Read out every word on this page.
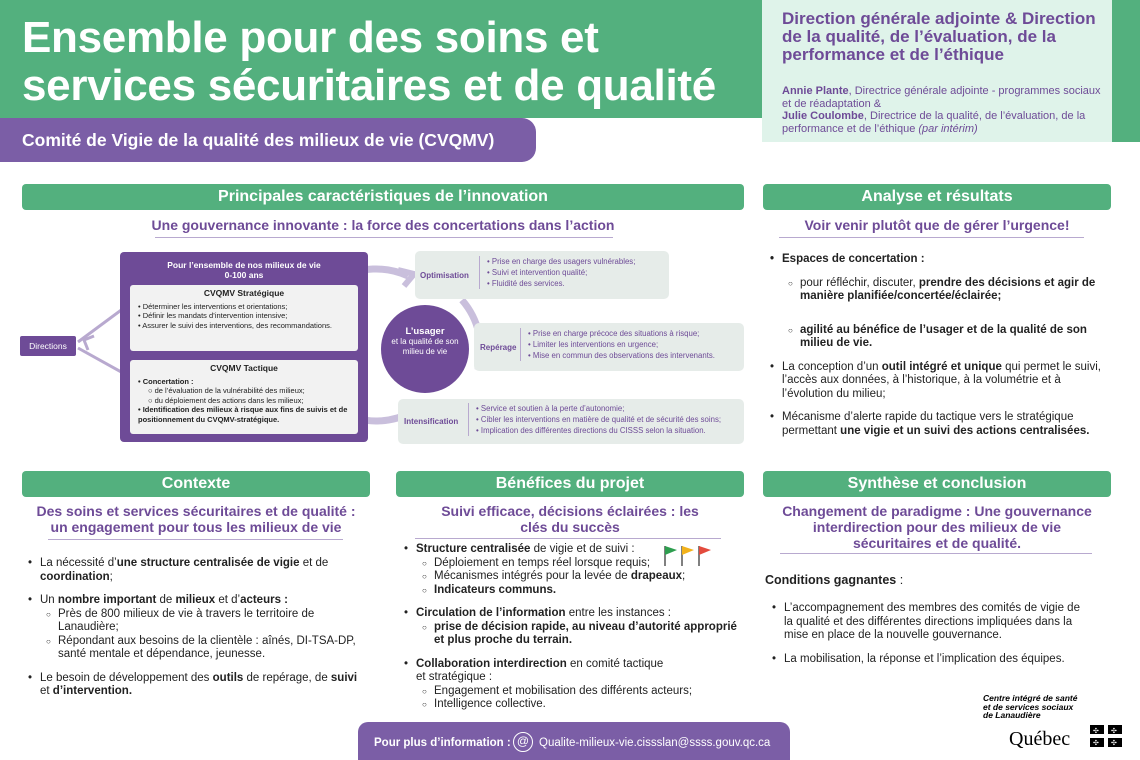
Ensemble pour des soins et services sécuritaires et de qualité
Direction générale adjointe & Direction de la qualité, de l’évaluation, de la performance et de l’éthique
Annie Plante, Directrice générale adjointe - programmes sociaux et de réadaptation &
Julie Coulombe, Directrice de la qualité, de l’évaluation, de la performance et de l’éthique (par intérim)
Comité de Vigie de la qualité des milieux de vie (CVQMV)
Principales caractéristiques de l’innovation
Une gouvernance innovante : la force des concertations dans l’action
Directions
Pour l’ensemble de nos milieux de vie
0-100 ans
CVQMV Stratégique
• Déterminer les interventions et orientations;
• Définir les mandats d’intervention intensive;
• Assurer le suivi des interventions, des recommandations.
CVQMV Tactique
• Concertation :
○ de l’évaluation de la vulnérabilité des milieux;
○ du déploiement des actions dans les milieux;
• Identification des milieux à risque aux fins de suivis et de positionnement du CVQMV-stratégique.
L’usager
et la qualité de son milieu de vie
Optimisation
• Prise en charge des usagers vulnérables;
• Suivi et intervention qualité;
• Fluidité des services.
Repérage
• Prise en charge précoce des situations à risque;
• Limiter les interventions en urgence;
• Mise en commun des observations des intervenants.
Intensification
• Service et soutien à la perte d’autonomie;
• Cibler les interventions en matière de qualité et de sécurité des soins;
• Implication des différentes directions du CISSS selon la situation.
Analyse et résultats
Voir venir plutôt que de gérer l’urgence!
• Espaces de concertation :
○ pour réfléchir, discuter, prendre des décisions et agir de manière planifiée/concertée/éclairée;
○ agilité au bénéfice de l’usager et de la qualité de son milieu de vie.
• La conception d’un outil intégré et unique qui permet le suivi, l’accès aux données, à l’historique, à la volumétrie et à l’évolution du milieu;
• Mécanisme d’alerte rapide du tactique vers le stratégique permettant une vigie et un suivi des actions centralisées.
Contexte
Des soins et services sécuritaires et de qualité : un engagement pour tous les milieux de vie
• La nécessité d’une structure centralisée de vigie et de coordination;
• Un nombre important de milieux et d’acteurs :
○ Près de 800 milieux de vie à travers le territoire de Lanaudière;
○ Répondant aux besoins de la clientèle : aînés, DI-TSA-DP, santé mentale et dépendance, jeunesse.
• Le besoin de développement des outils de repérage, de suivi et d’intervention.
Bénéfices du projet
Suivi efficace, décisions éclairées : les clés du succès
• Structure centralisée de vigie et de suivi :
○ Déploiement en temps réel lorsque requis;
○ Mécanismes intégrés pour la levée de drapeaux;
○ Indicateurs communs.
• Circulation de l’information entre les instances :
○ prise de décision rapide, au niveau d’autorité approprié et plus proche du terrain.
• Collaboration interdirection en comité tactique et stratégique :
○ Engagement et mobilisation des différents acteurs;
○ Intelligence collective.
Synthèse et conclusion
Changement de paradigme : Une gouvernance interdirection pour des milieux de vie sécuritaires et de qualité.
Conditions gagnantes :
• L’accompagnement des membres des comités de vigie de la qualité et des différentes directions impliquées dans la mise en place de la nouvelle gouvernance.
• La mobilisation, la réponse et l’implication des équipes.
Pour plus d’information : @ Qualite-milieux-vie.cissslan@ssss.gouv.qc.ca
Centre intégré de santé et de services sociaux de Lanaudière
Québec	✣ ✣
✣ ✣
